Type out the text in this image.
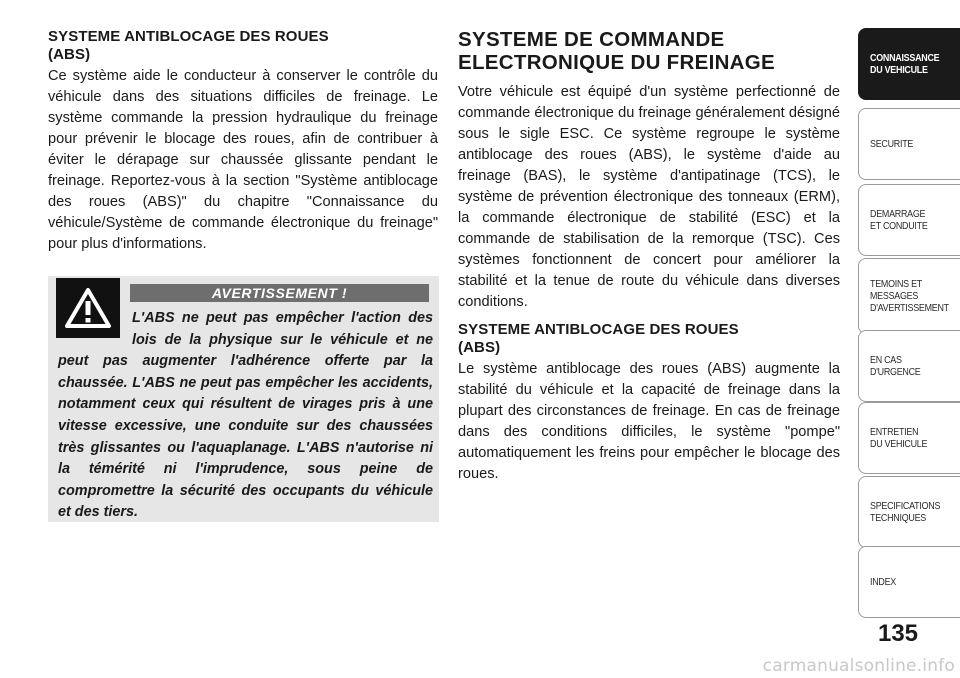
SYSTEME ANTIBLOCAGE DES ROUES
(ABS)

Ce système aide le conducteur à conserver le contrôle du véhicule dans des situations difficiles de freinage. Le système commande la pression hydraulique du freinage pour prévenir le blocage des roues, afin de contribuer à éviter le dérapage sur chaussée glissante pendant le freinage. Reportez-vous à la section "Système antiblocage des roues (ABS)" du chapitre "Connaissance du véhicule/Système de commande électronique du freinage" pour plus d'informations.

AVERTISSEMENT !
L'ABS ne peut pas empêcher l'action des lois de la physique sur le véhicule et ne peut pas augmenter l'adhérence offerte par la chaussée. L'ABS ne peut pas empêcher les accidents, notamment ceux qui résultent de virages pris à une vitesse excessive, une conduite sur des chaussées très glissantes ou l'aquaplanage. L'ABS n'autorise ni la témérité ni l'imprudence, sous peine de compromettre la sécurité des occupants du véhicule et des tiers.
SYSTEME DE COMMANDE
ELECTRONIQUE DU FREINAGE

Votre véhicule est équipé d'un système perfectionné de commande électronique du freinage généralement désigné sous le sigle ESC. Ce système regroupe le système antiblocage des roues (ABS), le système d'aide au freinage (BAS), le système d'antipatinage (TCS), le système de prévention électronique des tonneaux (ERM), la commande électronique de stabilité (ESC) et la commande de stabilisation de la remorque (TSC). Ces systèmes fonctionnent de concert pour améliorer la stabilité et la tenue de route du véhicule dans diverses conditions.

SYSTEME ANTIBLOCAGE DES ROUES
(ABS)

Le système antiblocage des roues (ABS) augmente la stabilité du véhicule et la capacité de freinage dans la plupart des circonstances de freinage. En cas de freinage dans des conditions difficiles, le système "pompe" automatiquement les freins pour empêcher le blocage des roues.

CONNAISSANCE
DU VEHICULE
SECURITE
DEMARRAGE
ET CONDUITE
TEMOINS ET
MESSAGES
D'AVERTISSEMENT
EN CAS
D'URGENCE
ENTRETIEN
DU VEHICULE
SPECIFICATIONS
TECHNIQUES
INDEX
135
carmanualsonline.info
